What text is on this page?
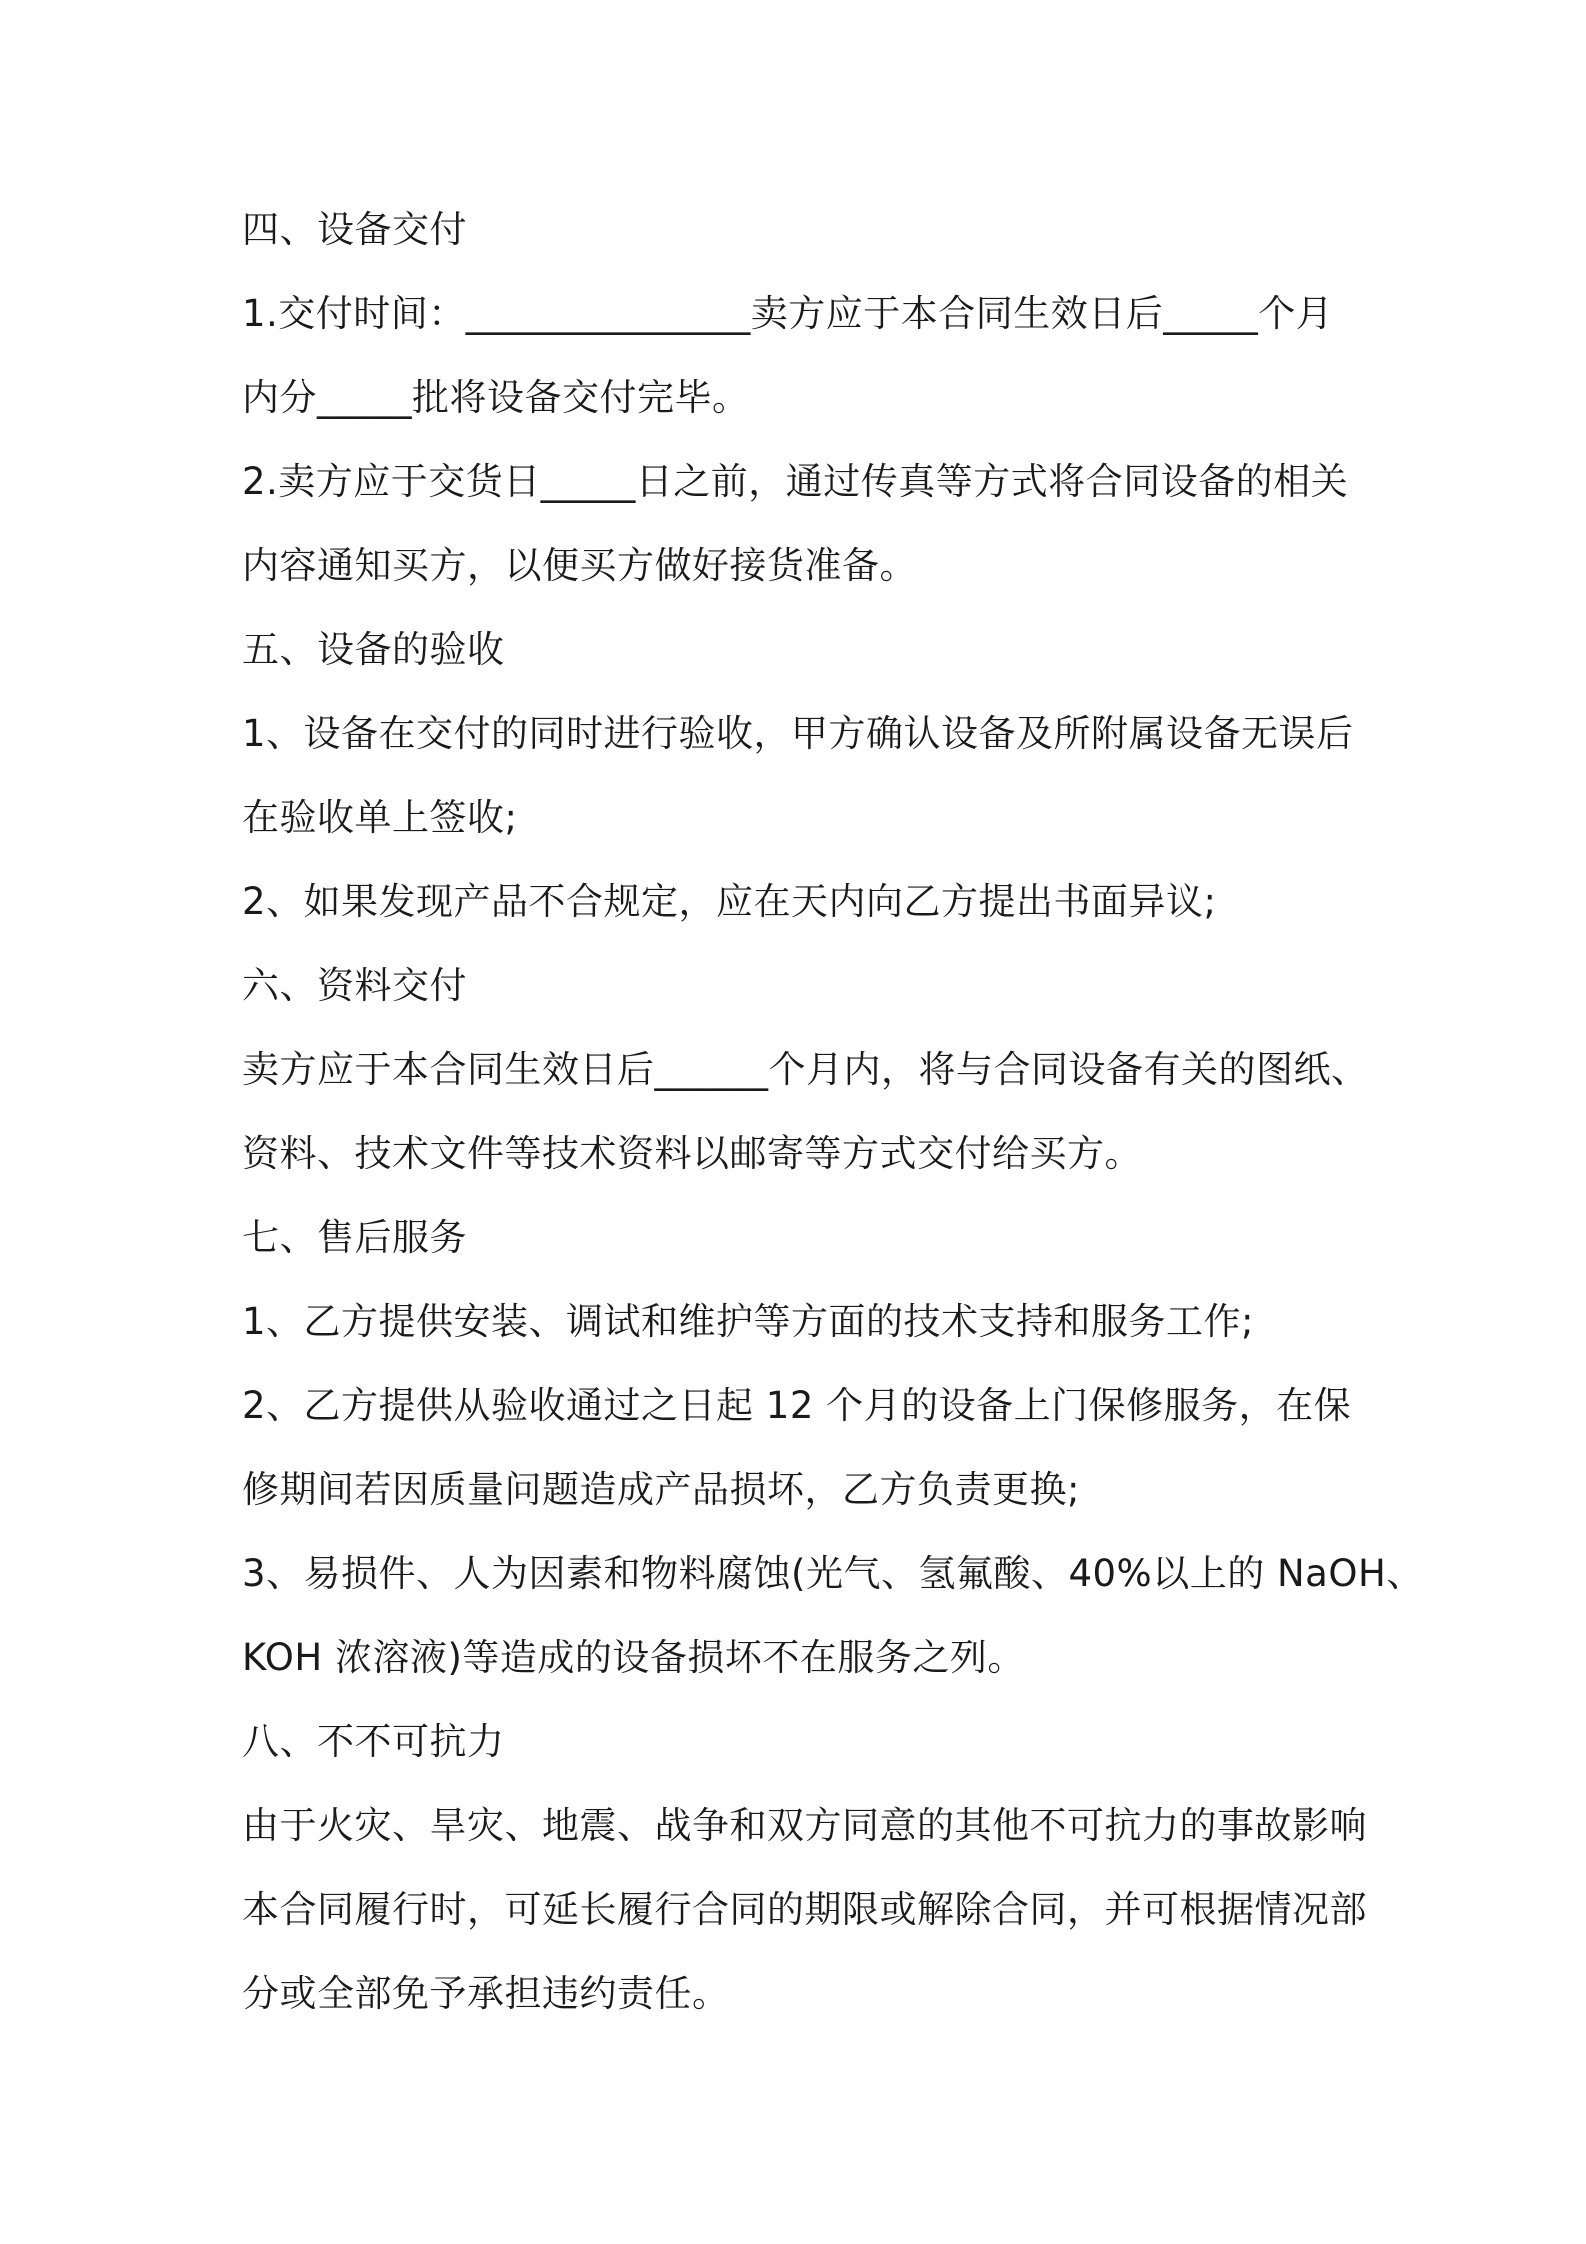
四、设备交付
1.交付时间：_______________卖方应于本合同生效日后_____个月
内分_____批将设备交付完毕。
2.卖方应于交货日_____日之前，通过传真等方式将合同设备的相关
内容通知买方，以便买方做好接货准备。
五、设备的验收
1、设备在交付的同时进行验收，甲方确认设备及所附属设备无误后
在验收单上签收;
2、如果发现产品不合规定，应在天内向乙方提出书面异议;
六、资料交付
卖方应于本合同生效日后______个月内，将与合同设备有关的图纸、
资料、技术文件等技术资料以邮寄等方式交付给买方。
七、售后服务
1、乙方提供安装、调试和维护等方面的技术支持和服务工作;
2、乙方提供从验收通过之日起 12 个月的设备上门保修服务，在保
修期间若因质量问题造成产品损坏，乙方负责更换;
3、易损件、人为因素和物料腐蚀(光气、氢氟酸、40%以上的 NaOH、
KOH 浓溶液)等造成的设备损坏不在服务之列。
八、不不可抗力
由于火灾、旱灾、地震、战争和双方同意的其他不可抗力的事故影响
本合同履行时，可延长履行合同的期限或解除合同，并可根据情况部
分或全部免予承担违约责任。
